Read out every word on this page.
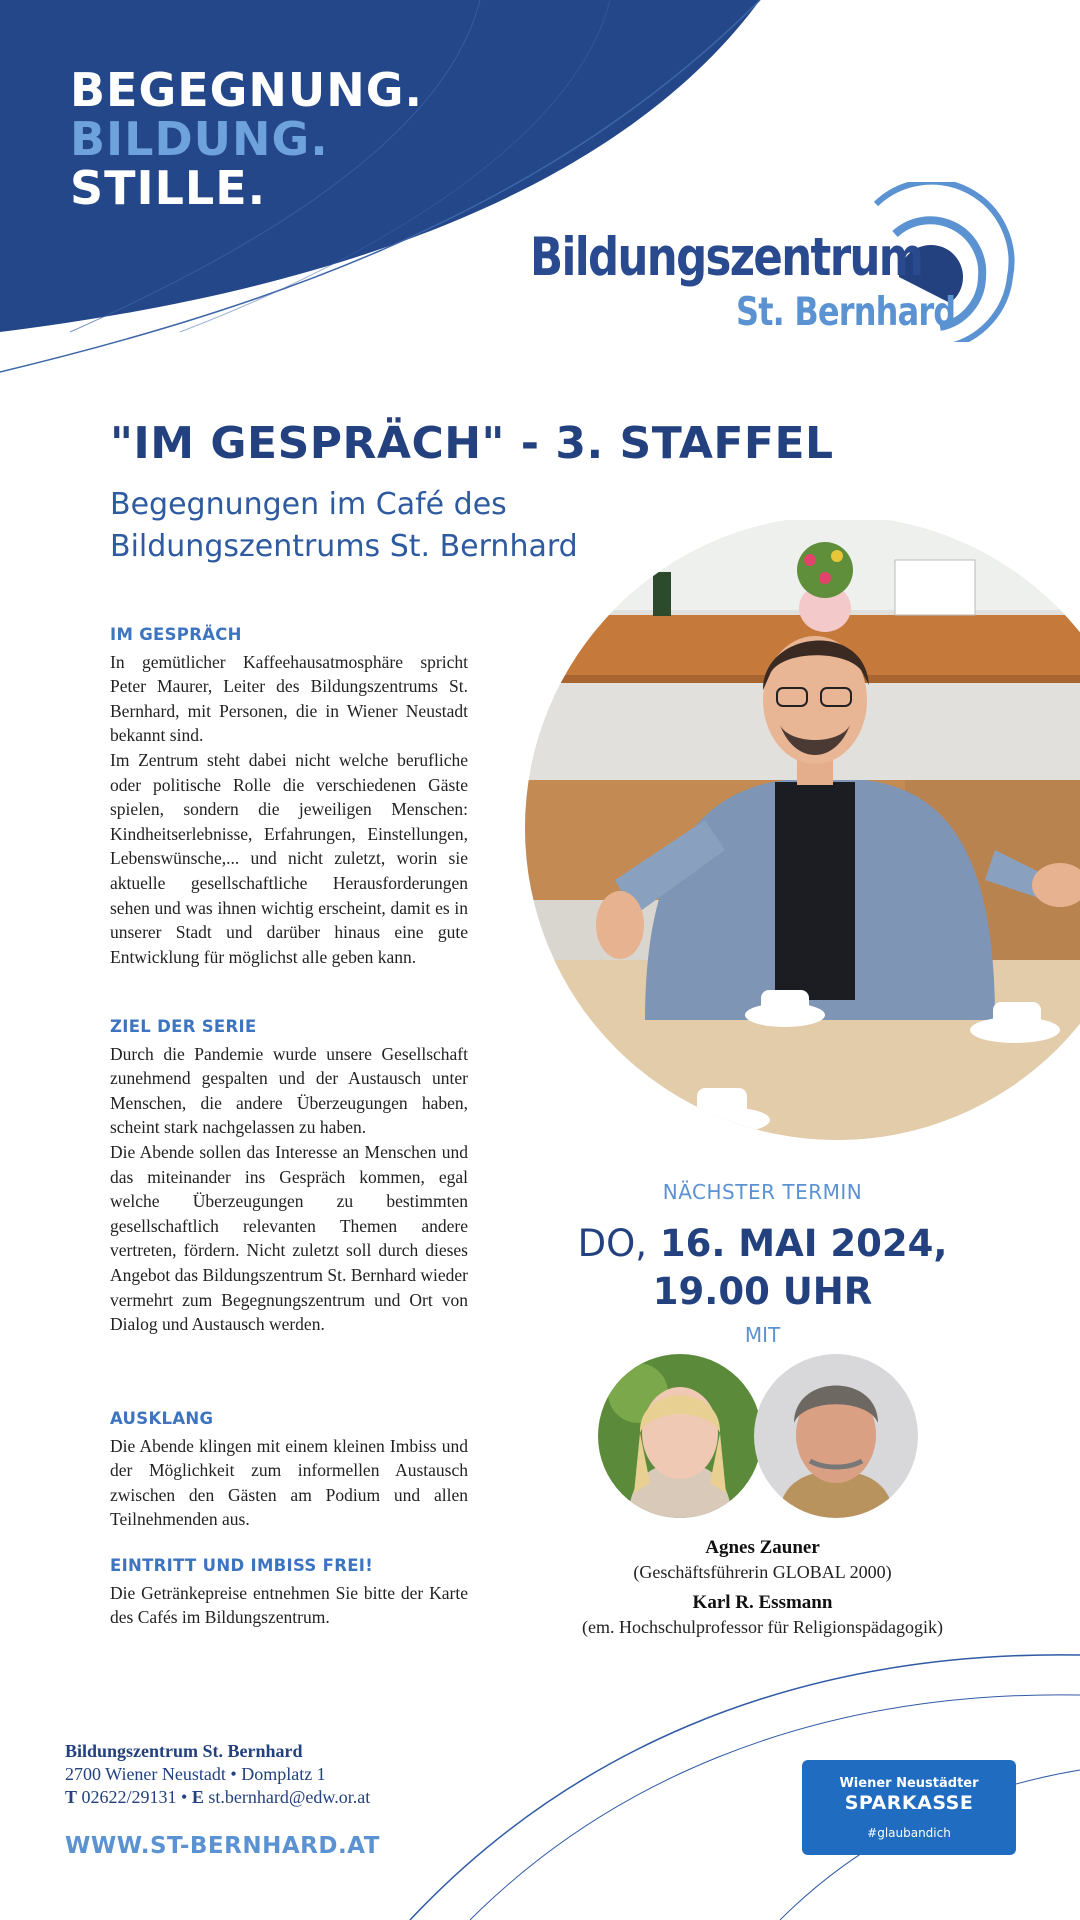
BEGEGNUNG.
BILDUNG.
STILLE.
Bildungszentrum
St. Bernhard
"IM GESPRÄCH" - 3. STAFFEL
Begegnungen im Café des
Bildungszentrums St. Bernhard
IM GESPRÄCH
In gemütlicher Kaffeehausatmosphäre spricht Peter Maurer, Leiter des Bildungszentrums St. Bernhard, mit Personen, die in Wiener Neustadt bekannt sind.
Im Zentrum steht dabei nicht welche berufliche oder politische Rolle die verschiedenen Gäste spielen, sondern die jeweiligen Menschen: Kindheitserlebnisse, Erfahrungen, Einstellungen, Lebenswünsche,... und nicht zuletzt, worin sie aktuelle gesellschaftliche Herausforderungen sehen und was ihnen wichtig erscheint, damit es in unserer Stadt und darüber hinaus eine gute Entwicklung für möglichst alle geben kann.
ZIEL DER SERIE
Durch die Pandemie wurde unsere Gesellschaft zunehmend gespalten und der Austausch unter Menschen, die andere Überzeugungen haben, scheint stark nachgelassen zu haben.
Die Abende sollen das Interesse an Menschen und das miteinander ins Gespräch kommen, egal welche Überzeugungen zu bestimmten gesellschaftlich relevanten Themen andere vertreten, fördern. Nicht zuletzt soll durch dieses Angebot das Bildungszentrum St. Bernhard wieder vermehrt zum Begegnungszentrum und Ort von Dialog und Austausch werden.
AUSKLANG
Die Abende klingen mit einem kleinen Imbiss und der Möglichkeit zum informellen Austausch zwischen den Gästen am Podium und allen Teilnehmenden aus.
EINTRITT UND IMBISS FREI!
Die Getränkepreise entnehmen Sie bitte der Karte des Cafés im Bildungszentrum.
NÄCHSTER TERMIN
DO, 16. MAI 2024,
19.00 UHR
MIT
Agnes Zauner
(Geschäftsführerin GLOBAL 2000)
Karl R. Essmann
(em. Hochschulprofessor für Religionspädagogik)
Bildungszentrum St. Bernhard
2700 Wiener Neustadt • Domplatz 1
T 02622/29131 • E st.bernhard@edw.or.at
WWW.ST-BERNHARD.AT
Wiener Neustädter
SPARKASSE
#glaubandich
